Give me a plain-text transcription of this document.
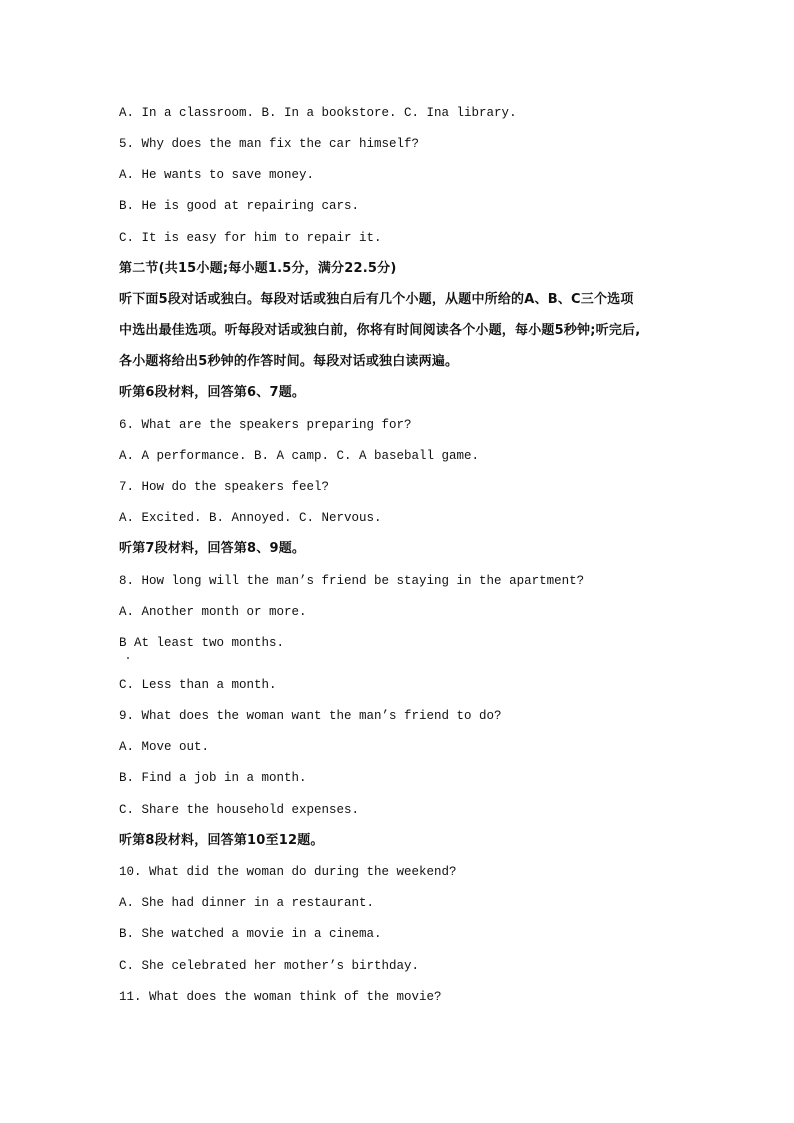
A. In a classroom. B. In a bookstore. C. Ina library.
5. Why does the man fix the car himself?
A. He wants to save money.
B. He is good at repairing cars.
C. It is easy for him to repair it.
第二节(共15小题;每小题1.5分，满分22.5分)
听下面5段对话或独白。每段对话或独白后有几个小题，从题中所给的A、B、C三个选项
中选出最佳选项。听每段对话或独白前，你将有时间阅读各个小题，每小题5秒钟;听完后,
各小题将给出5秒钟的作答时间。每段对话或独白读两遍。
听第6段材料，回答第6、7题。
6. What are the speakers preparing for?
A. A performance. B. A camp. C. A baseball game.
7. How do the speakers feel?
A. Excited. B. Annoyed. C. Nervous.
听第7段材料，回答第8、9题。
8. How long will the man’s friend be staying in the apartment?
A. Another month or more.
B At least two months.
C. Less than a month.
9. What does the woman want the man’s friend to do?
A. Move out.
B. Find a job in a month.
C. Share the household expenses.
听第8段材料，回答第10至12题。
10. What did the woman do during the weekend?
A. She had dinner in a restaurant.
B. She watched a movie in a cinema.
C. She celebrated her mother’s birthday.
11. What does the woman think of the movie?
